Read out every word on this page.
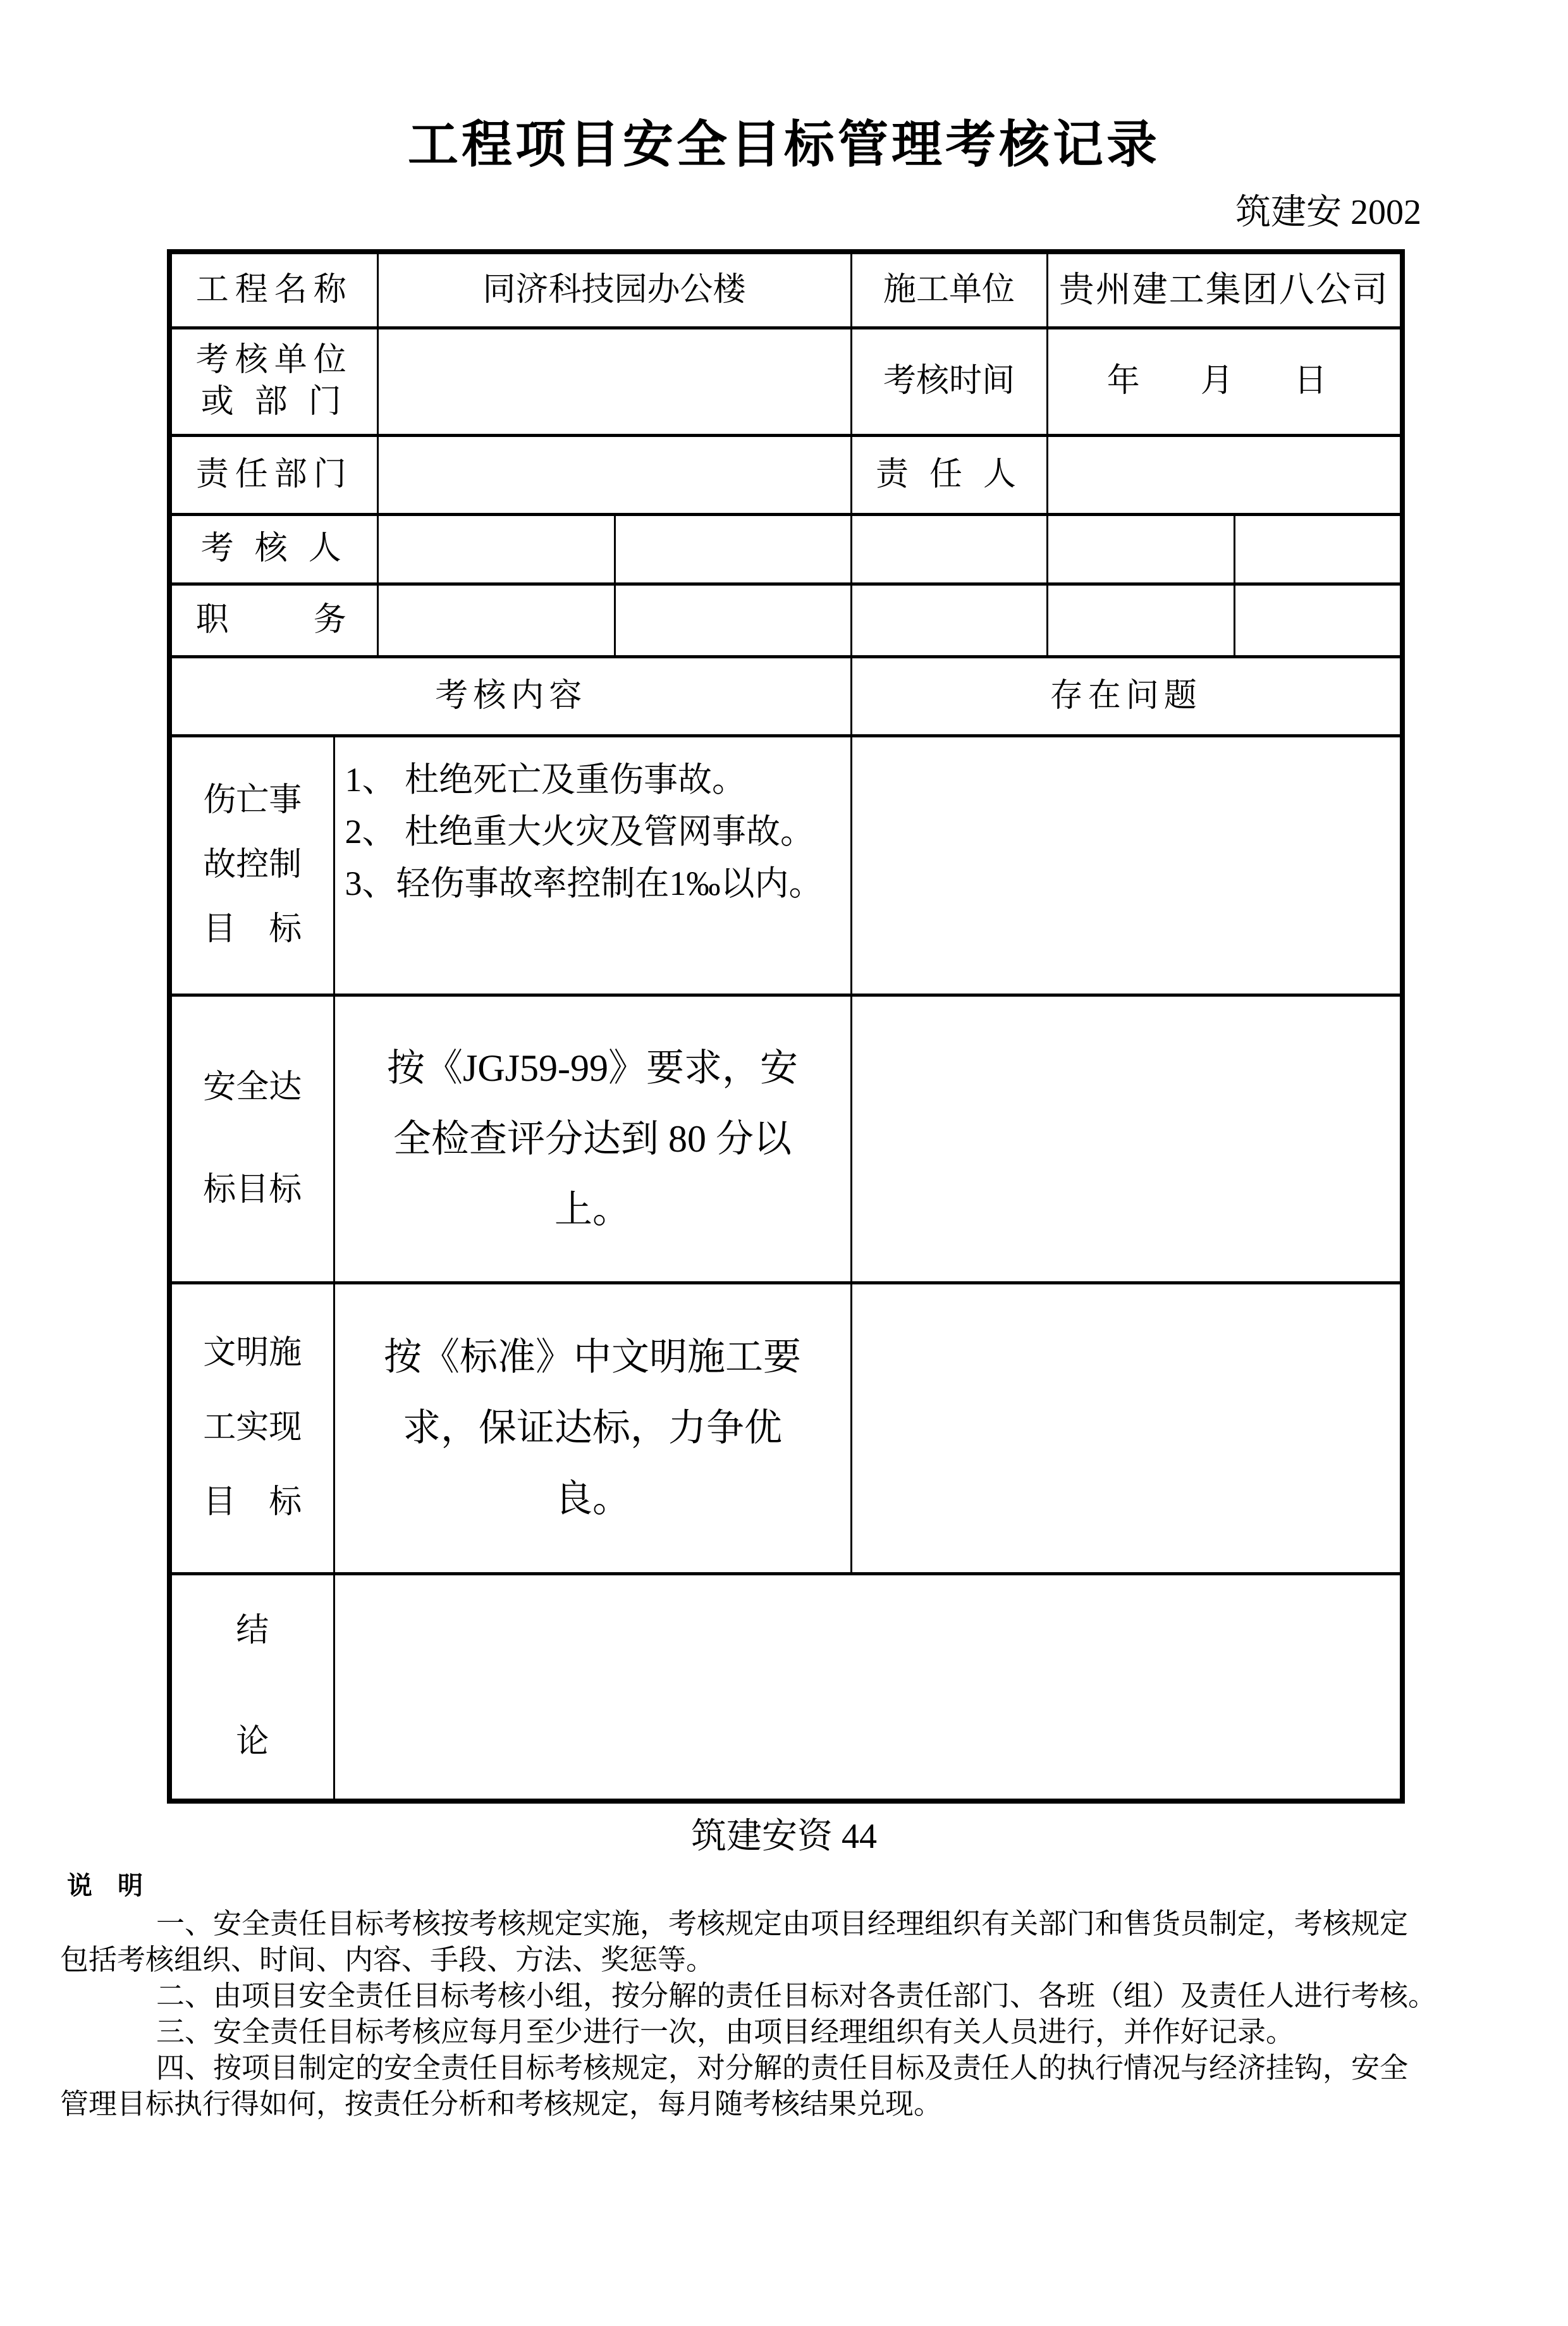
工程项目安全目标管理考核记录
筑建安 2002
工程名称		同济科技园办公楼		施工单位	贵州建工集团八公司	

考核单位
或 部 门				考核时间	年　月　日	
责任部门				责 任 人		
考 核 人						
职　　务						
考核内容				存在问题		

伤亡事
故控制
目　标

1、 杜绝死亡及重伤事故。
2、 杜绝重大火灾及管网事故。
3、轻伤事故率控制在1‰以内。

安全达
标目标

按《JGJ59-99》要求，安
全检查评分达到 80 分以
上。

文明施
工实现
目　标

按《标准》中文明施工要
求，保证达标，力争优
良。

结
论						

筑建安资 44
说　明
一、安全责任目标考核按考核规定实施，考核规定由项目经理组织有关部门和售货员制定，考核规定
包括考核组织、时间、内容、手段、方法、奖惩等。
二、由项目安全责任目标考核小组，按分解的责任目标对各责任部门、各班（组）及责任人进行考核。
三、安全责任目标考核应每月至少进行一次，由项目经理组织有关人员进行，并作好记录。
四、按项目制定的安全责任目标考核规定，对分解的责任目标及责任人的执行情况与经济挂钩，安全
管理目标执行得如何，按责任分析和考核规定，每月随考核结果兑现。
